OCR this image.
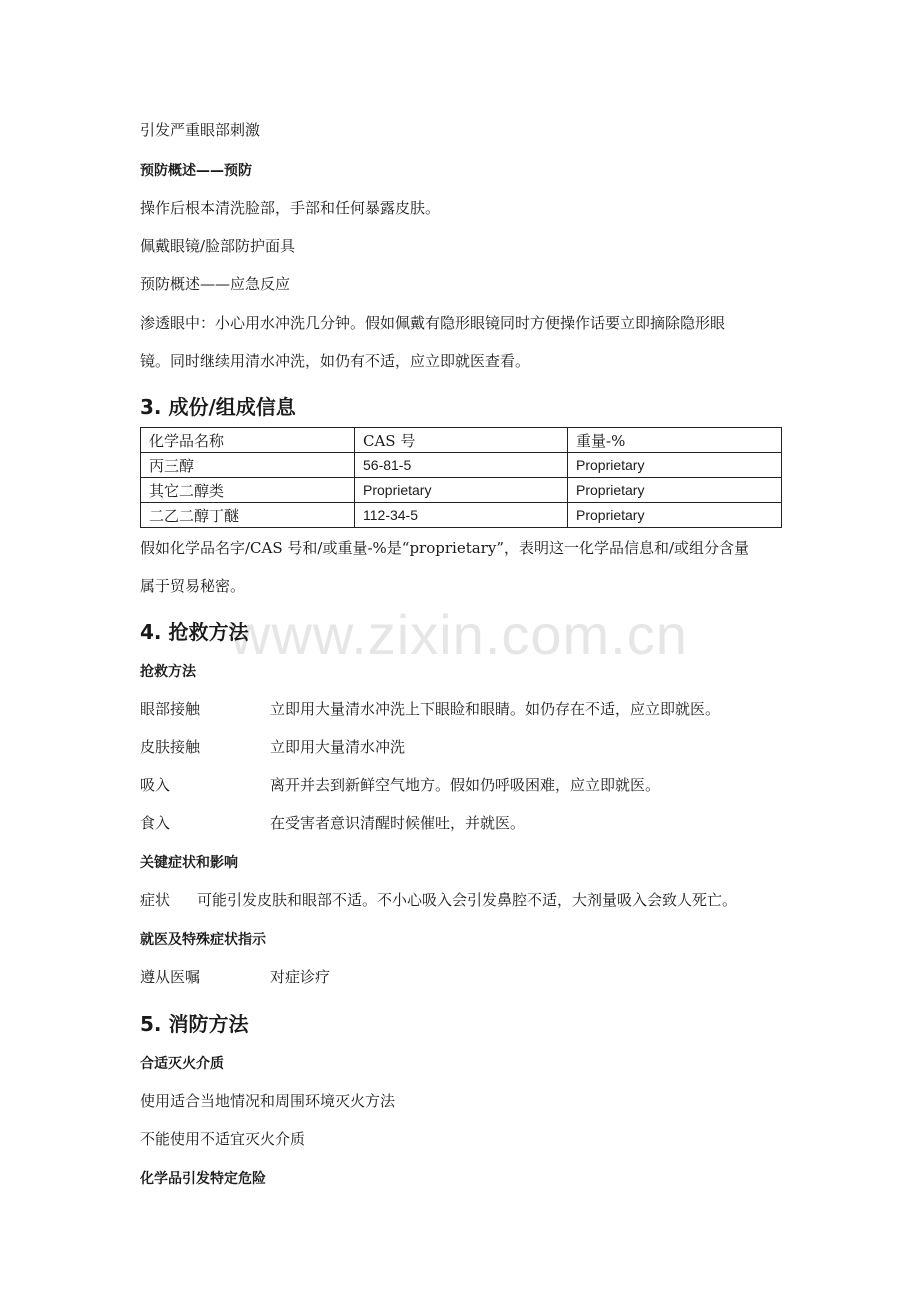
www.zixin.com.cn
引发严重眼部刺激
预防概述——预防
操作后根本清洗脸部，手部和任何暴露皮肤。
佩戴眼镜/脸部防护面具
预防概述——应急反应
渗透眼中：小心用水冲洗几分钟。假如佩戴有隐形眼镜同时方便操作话要立即摘除隐形眼
镜。同时继续用清水冲洗，如仍有不适，应立即就医查看。
3. 成份/组成信息
化学品名称	CAS 号	重量-%
丙三醇	56-81-5	Proprietary
其它二醇类	Proprietary	Proprietary
二乙二醇丁醚	112-34-5	Proprietary
假如化学品名字/CAS 号和/或重量-%是“proprietary”，表明这一化学品信息和/或组分含量
属于贸易秘密。
4. 抢救方法
抢救方法
眼部接触	立即用大量清水冲洗上下眼睑和眼睛。如仍存在不适，应立即就医。
皮肤接触	立即用大量清水冲洗
吸入	离开并去到新鲜空气地方。假如仍呼吸困难，应立即就医。
食入	在受害者意识清醒时候催吐，并就医。
关键症状和影响
症状 可能引发皮肤和眼部不适。不小心吸入会引发鼻腔不适，大剂量吸入会致人死亡。
就医及特殊症状指示
遵从医嘱	对症诊疗
5. 消防方法
合适灭火介质
使用适合当地情况和周围环境灭火方法
不能使用不适宜灭火介质
化学品引发特定危险
